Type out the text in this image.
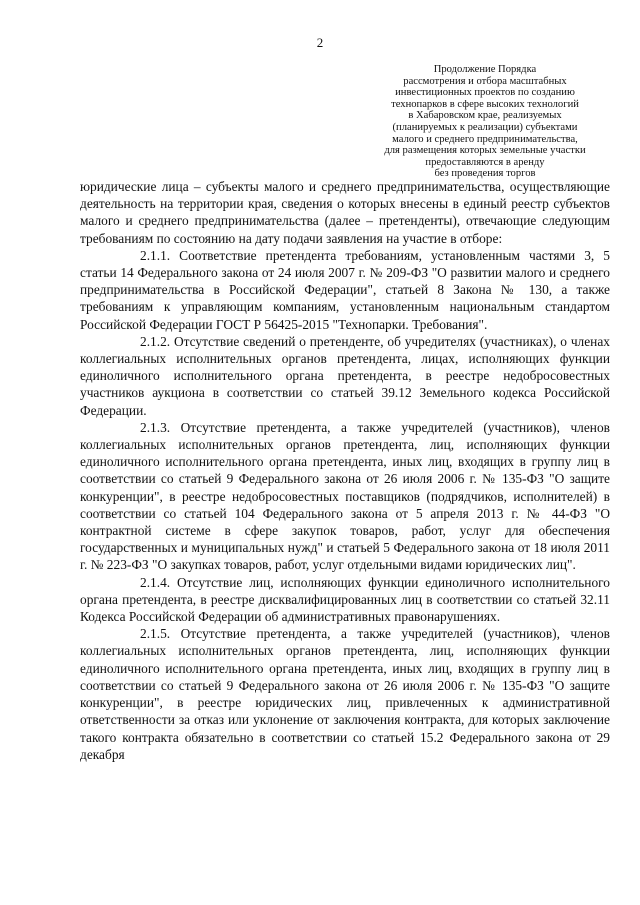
2
Продолжение Порядка
рассмотрения и отбора масштабных
инвестиционных проектов по созданию
технопарков в сфере высоких технологий
в Хабаровском крае, реализуемых
(планируемых к реализации) субъектами
малого и среднего предпринимательства,
для размещения которых земельные участки
предоставляются в аренду
без проведения торгов

юридические лица – субъекты малого и среднего предпринимательства, осуществляющие деятельность на территории края, сведения о которых внесены в единый реестр субъектов малого и среднего предпринимательства (далее – претенденты), отвечающие следующим требованиям по состоянию на дату подачи заявления на участие в отборе:

2.1.1. Соответствие претендента требованиям, установленным частями 3, 5 статьи 14 Федерального закона от 24 июля 2007 г. № 209-ФЗ "О развитии малого и среднего предпринимательства в Российской Федерации", статьей 8 Закона № 130, а также требованиям к управляющим компаниям, установленным национальным стандартом Российской Федерации ГОСТ Р 56425-2015 "Технопарки. Требования".

2.1.2. Отсутствие сведений о претенденте, об учредителях (участниках), о членах коллегиальных исполнительных органов претендента, лицах, исполняющих функции единоличного исполнительного органа претендента, в реестре недобросовестных участников аукциона в соответствии со статьей 39.12 Земельного кодекса Российской Федерации.

2.1.3. Отсутствие претендента, а также учредителей (участников), членов коллегиальных исполнительных органов претендента, лиц, исполняющих функции единоличного исполнительного органа претендента, иных лиц, входящих в группу лиц в соответствии со статьей 9 Федерального закона от 26 июля 2006 г. № 135-ФЗ "О защите конкуренции", в реестре недобросовестных поставщиков (подрядчиков, исполнителей) в соответствии со статьей 104 Федерального закона от 5 апреля 2013 г. № 44-ФЗ "О контрактной системе в сфере закупок товаров, работ, услуг для обеспечения государственных и муниципальных нужд" и статьей 5 Федерального закона от 18 июля 2011 г. № 223-ФЗ "О закупках товаров, работ, услуг отдельными видами юридических лиц".

2.1.4. Отсутствие лиц, исполняющих функции единоличного исполнительного органа претендента, в реестре дисквалифицированных лиц в соответствии со статьей 32.11 Кодекса Российской Федерации об административных правонарушениях.

2.1.5. Отсутствие претендента, а также учредителей (участников), членов коллегиальных исполнительных органов претендента, лиц, исполняющих функции единоличного исполнительного органа претендента, иных лиц, входящих в группу лиц в соответствии со статьей 9 Федерального закона от 26 июля 2006 г. № 135-ФЗ "О защите конкуренции", в реестре юридических лиц, привлеченных к административной ответственности за отказ или уклонение от заключения контракта, для которых заключение такого контракта обязательно в соответствии со статьей 15.2 Федерального закона от 29 декабря
